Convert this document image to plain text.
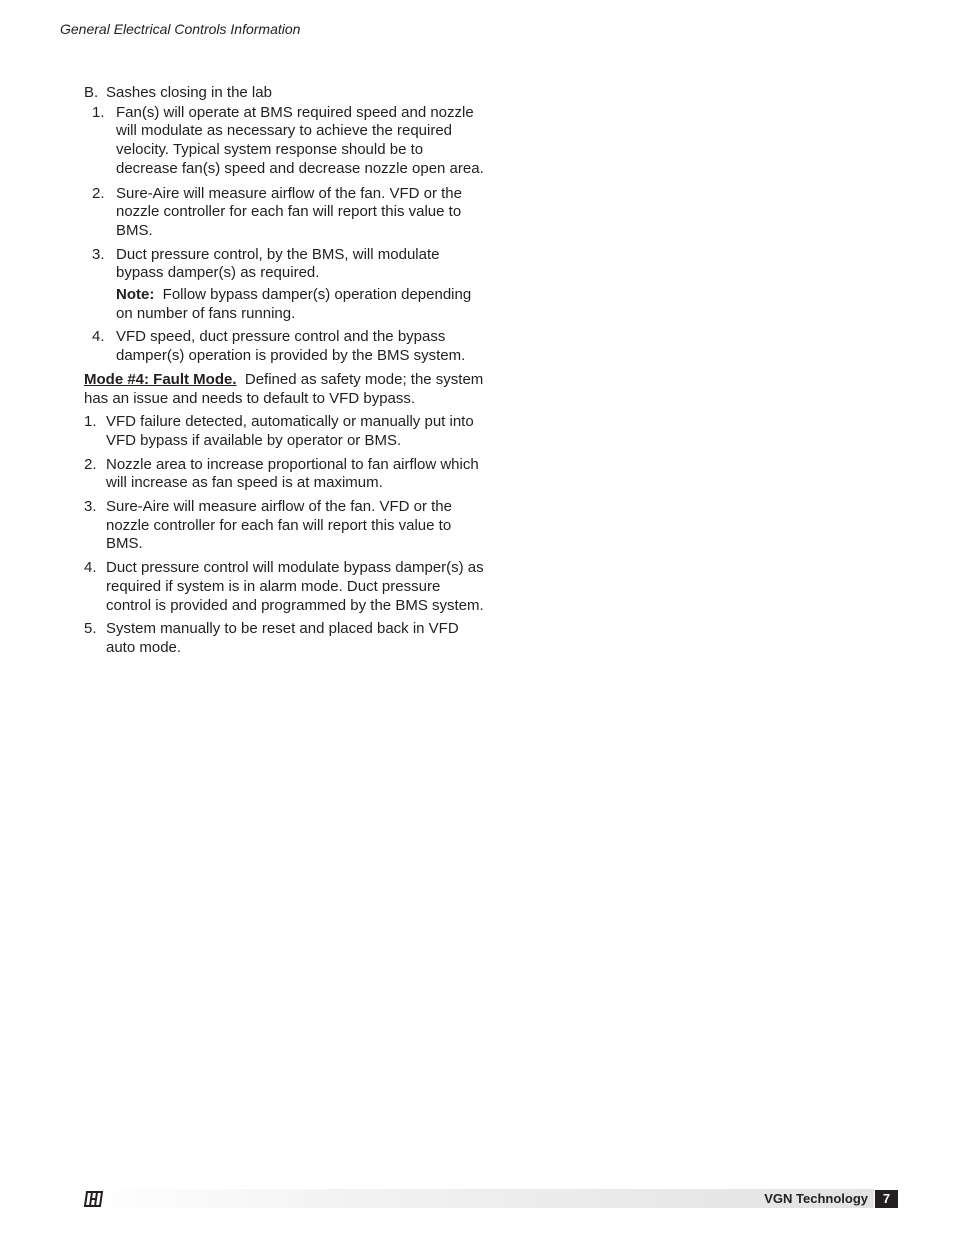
General Electrical Controls Information

B. Sashes closing in the lab

1. Fan(s) will operate at BMS required speed and nozzle will modulate as necessary to achieve the required velocity. Typical system response should be to decrease fan(s) speed and decrease nozzle open area.
2. Sure-Aire will measure airflow of the fan. VFD or the nozzle controller for each fan will report this value to BMS.
3. Duct pressure control, by the BMS, will modulate bypass damper(s) as required.
Note: Follow bypass damper(s) operation depending on number of fans running.
4. VFD speed, duct pressure control and the bypass damper(s) operation is provided by the BMS system.

Mode #4: Fault Mode. Defined as safety mode; the system has an issue and needs to default to VFD bypass.

1. VFD failure detected, automatically or manually put into VFD bypass if available by operator or BMS.
2. Nozzle area to increase proportional to fan airflow which will increase as fan speed is at maximum.
3. Sure-Aire will measure airflow of the fan. VFD or the nozzle controller for each fan will report this value to BMS.
4. Duct pressure control will modulate bypass damper(s) as required if system is in alarm mode. Duct pressure control is provided and programmed by the BMS system.
5. System manually to be reset and placed back in VFD auto mode.
VGN Technology	7
